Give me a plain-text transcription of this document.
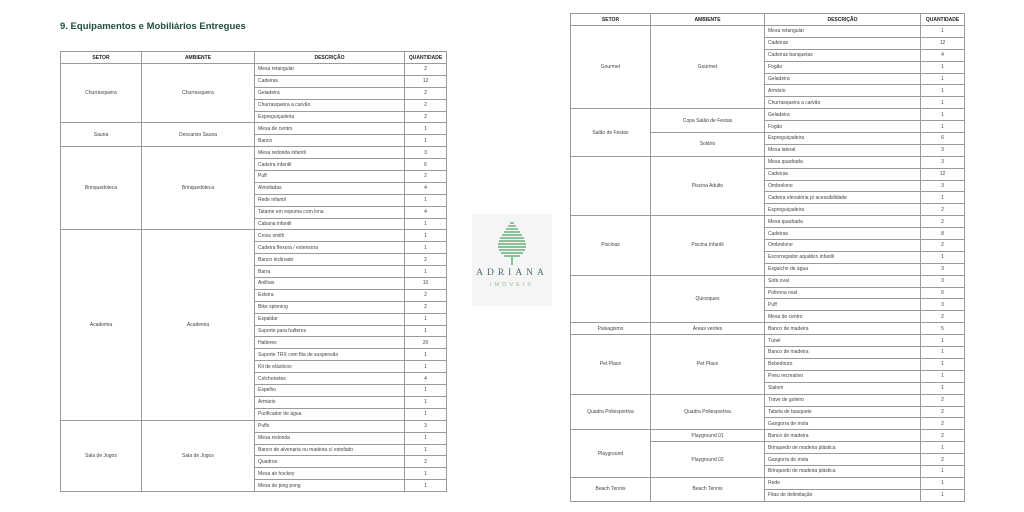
9. Equipamentos e Mobiliários Entregues
SETOR	AMBIENTE	DESCRIÇÃO	QUANTIDADE
Churrasqueira	Churrasqueira	Mesa retangular	2
		Cadeiras	12
		Geladeira	2
		Churrasqueira a carvão	2
		Espreguiçadeira	2
Sauna	Descanso Sauna	Mesa de centro	1
		Banco	1
Brinquedoteca	Brinquedoteca	Mesa redonda infantil	3
		Cadeira infantil	6
		Puff	2
		Almofadas	4
		Rede infantil	1
		Tatame em espuma com lona	4
		Cabana infantil	1
Academia	Academia	Cross smith	1
		Cadeira flexora / extensora	1
		Banco inclinado	2
		Barra	1
		Anilhas	10
		Esteira	2
		Bike spinning	2
		Espaldar	1
		Suporte para halteres	1
		Halteres	20
		Suporte TRX com fita de suspensão	1
		Kit de elásticos	1
		Colchonetes	4
		Espelho	1
		Armário	1
		Purificador de água	1
Sala de Jogos	Sala de Jogos	Puffs	3
		Mesa redonda	1
		Banco de alvenaria ou madeira c/ estofado	1
		Quadros	2
		Mesa air hockey	1
		Mesa de ping pong	1
SETOR	AMBIENTE	DESCRIÇÃO	QUANTIDADE
Gourmet	Gourmet	Mesa retangular	1
		Cadeiras	12
		Cadeiras banquetas	4
		Fogão	1
		Geladeira	1
		Armário	1
		Churrasqueira a carvão	1
Salão de Festas	Copa Salão de Festas	Geladeira	1
		Fogão	1
	Solário	Espreguiçadeira	6
		Mesa lateral	3
	Piscina Adulto	Mesa quadrada	3
		Cadeiras	12
		Ombrelone	3
		Cadeira elevatória p/ acessibilidade	1
		Espreguiçadeira	2
Piscinas	Piscina Infantil	Mesa quadrada	2
		Cadeiras	8
		Ombrelone	2
		Escorregador aquático infantil	1
		Esguicho de água	3
	Quiosques	Sofá oval	3
		Poltrona oval	6
		Puff	3
		Mesa de centro	2
Paisagismo	Áreas verdes	Banco de madeira	5
Pet Place	Pet Place	Túnel	1
		Banco de madeira	1
		Bebedouro	1
		Pneu recreativo	1
		Slalom	1
Quadra Poliesportiva	Quadra Poliesportiva	Trave de goleiro	2
		Tabela de basquete	2
		Gangorra de mola	2
Playground	Playground 01	Banco de madeira	2
	Playground 02	Brinquedo de madeira plástica	1
		Gangorra de mola	2
		Brinquedo de madeira plástica	1
Beach Tennis	Beach Tennis	Rede	1
		Fitas de delimitação	1
ADRIANA
IMOVEIS
